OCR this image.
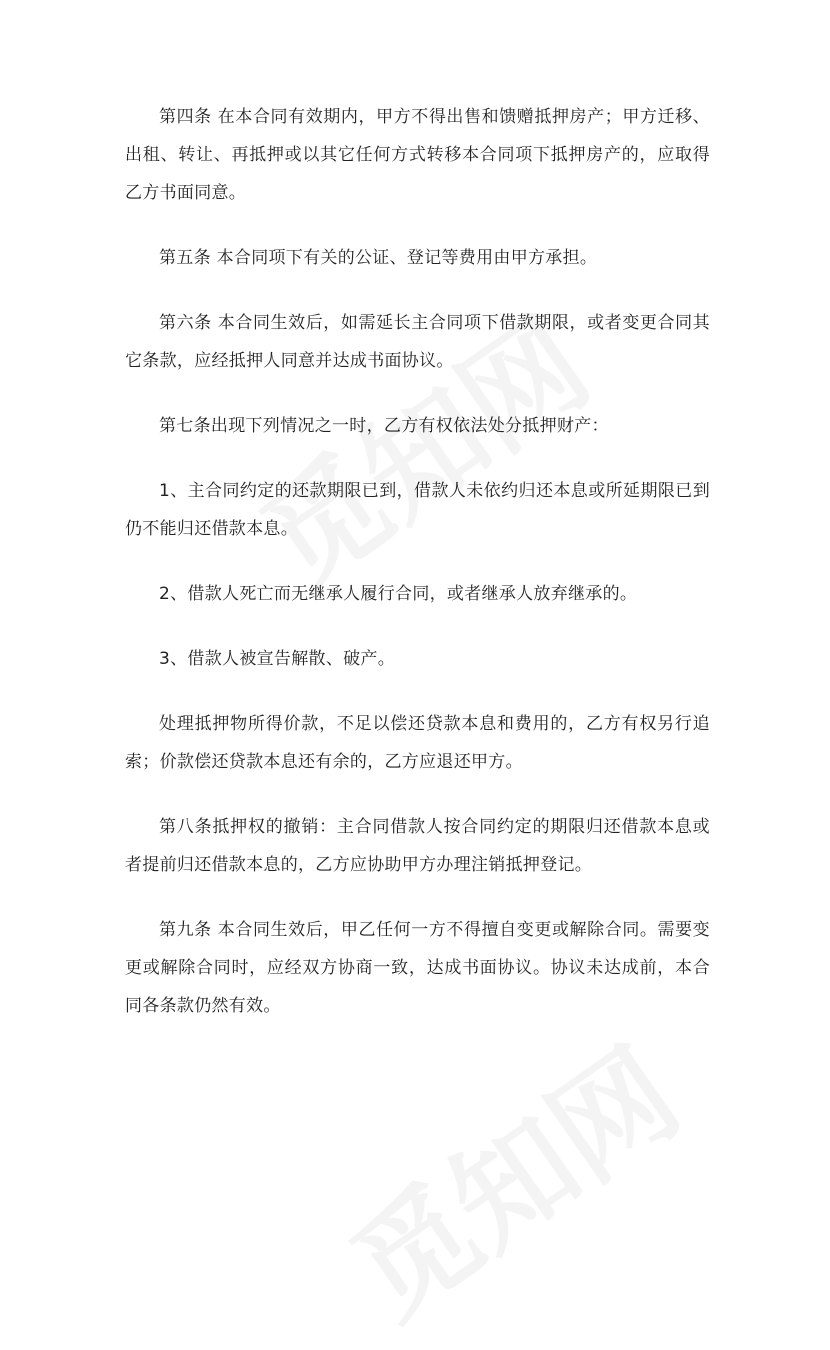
第四条 在本合同有效期内，甲方不得出售和馈赠抵押房产；甲方迁移、出租、转让、再抵押或以其它任何方式转移本合同项下抵押房产的，应取得乙方书面同意。

第五条 本合同项下有关的公证、登记等费用由甲方承担。

第六条 本合同生效后，如需延长主合同项下借款期限，或者变更合同其它条款，应经抵押人同意并达成书面协议。

第七条出现下列情况之一时，乙方有权依法处分抵押财产：

1、主合同约定的还款期限已到，借款人未依约归还本息或所延期限已到仍不能归还借款本息。

2、借款人死亡而无继承人履行合同，或者继承人放弃继承的。

3、借款人被宣告解散、破产。

处理抵押物所得价款，不足以偿还贷款本息和费用的，乙方有权另行追索；价款偿还贷款本息还有余的，乙方应退还甲方。

第八条抵押权的撤销：主合同借款人按合同约定的期限归还借款本息或者提前归还借款本息的，乙方应协助甲方办理注销抵押登记。

第九条 本合同生效后，甲乙任何一方不得擅自变更或解除合同。需要变更或解除合同时，应经双方协商一致，达成书面协议。协议未达成前，本合同各条款仍然有效。
